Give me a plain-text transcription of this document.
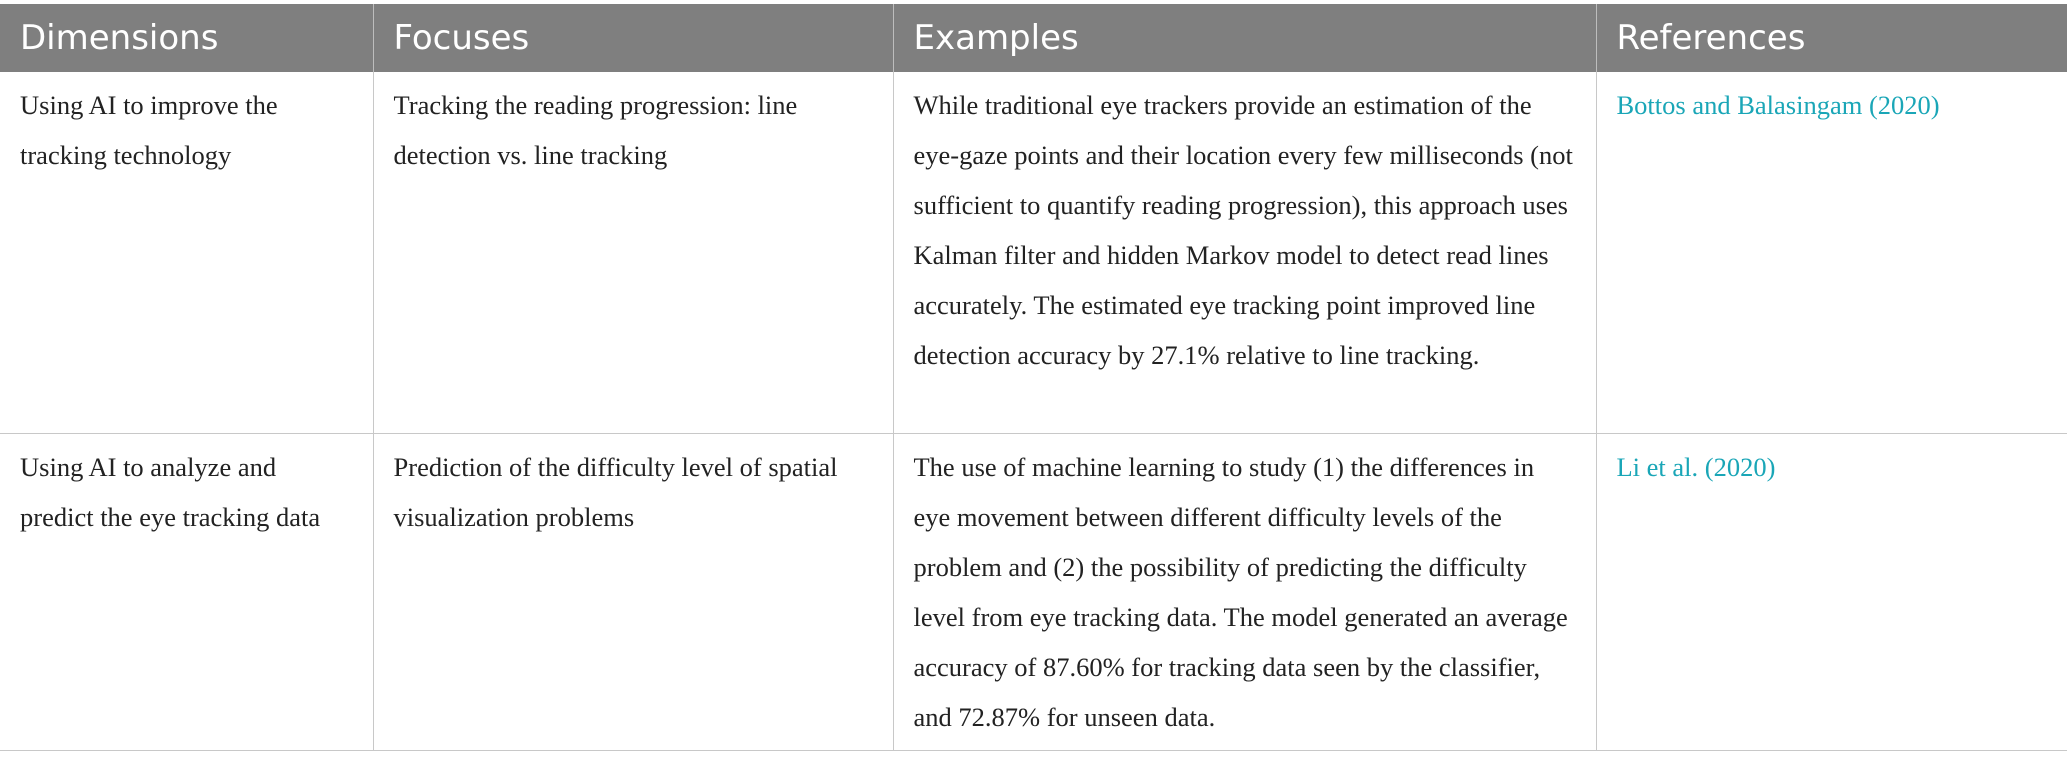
Dimensions	Focuses	Examples	References
Using AI to improve the tracking technology	Tracking the reading progression: line detection vs. line tracking	While traditional eye trackers provide an estimation of the eye-gaze points and their location every few milliseconds (not sufficient to quantify reading progression), this approach uses Kalman filter and hidden Markov model to detect read lines accurately. The estimated eye tracking point improved line detection accuracy by 27.1% relative to line tracking.	Bottos and Balasingam (2020)
Using AI to analyze and predict the eye tracking data	Prediction of the difficulty level of spatial visualization problems	The use of machine learning to study (1) the differences in eye movement between different difficulty levels of the problem and (2) the possibility of predicting the difficulty level from eye tracking data. The model generated an average accuracy of 87.60% for tracking data seen by the classifier, and 72.87% for unseen data.	Li et al. (2020)
